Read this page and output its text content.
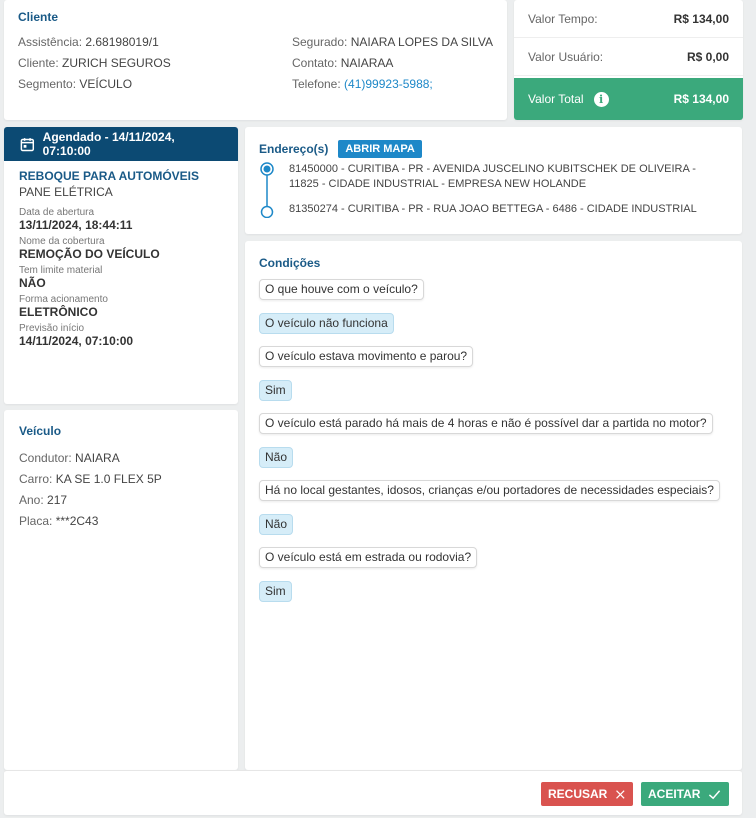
Cliente
Assistência: 2.68198019/1
Cliente: ZURICH SEGUROS
Segmento: VEÍCULO
Segurado: NAIARA LOPES DA SILVA
Contato: NAIARAA
Telefone: (41)99923-5988;
Valor Tempo:	R$ 134,00
Valor Usuário:	R$ 0,00
Valor Total	i	R$ 134,00
Agendado - 14/11/2024, 07:10:00
REBOQUE PARA AUTOMÓVEIS
PANE ELÉTRICA
Data de abertura
13/11/2024, 18:44:11
Nome da cobertura
REMOÇÃO DO VEÍCULO
Tem limite material
NÃO
Forma acionamento
ELETRÔNICO
Previsão início
14/11/2024, 07:10:00
Veículo
Condutor: NAIARA
Carro: KA SE 1.0 FLEX 5P
Ano: 217
Placa: ***2C43
Endereço(s)	ABRIR MAPA
81450000 - CURITIBA - PR - AVENIDA JUSCELINO KUBITSCHEK DE OLIVEIRA - 11825 - CIDADE INDUSTRIAL - EMPRESA NEW HOLANDE
81350274 - CURITIBA - PR - RUA JOAO BETTEGA - 6486 - CIDADE INDUSTRIAL
Condições
O que houve com o veículo?
O veículo não funciona
O veículo estava movimento e parou?
Sim
O veículo está parado há mais de 4 horas e não é possível dar a partida no motor?
Não
Há no local gestantes, idosos, crianças e/ou portadores de necessidades especiais?
Não
O veículo está em estrada ou rodovia?
Sim
RECUSAR	ACEITAR
